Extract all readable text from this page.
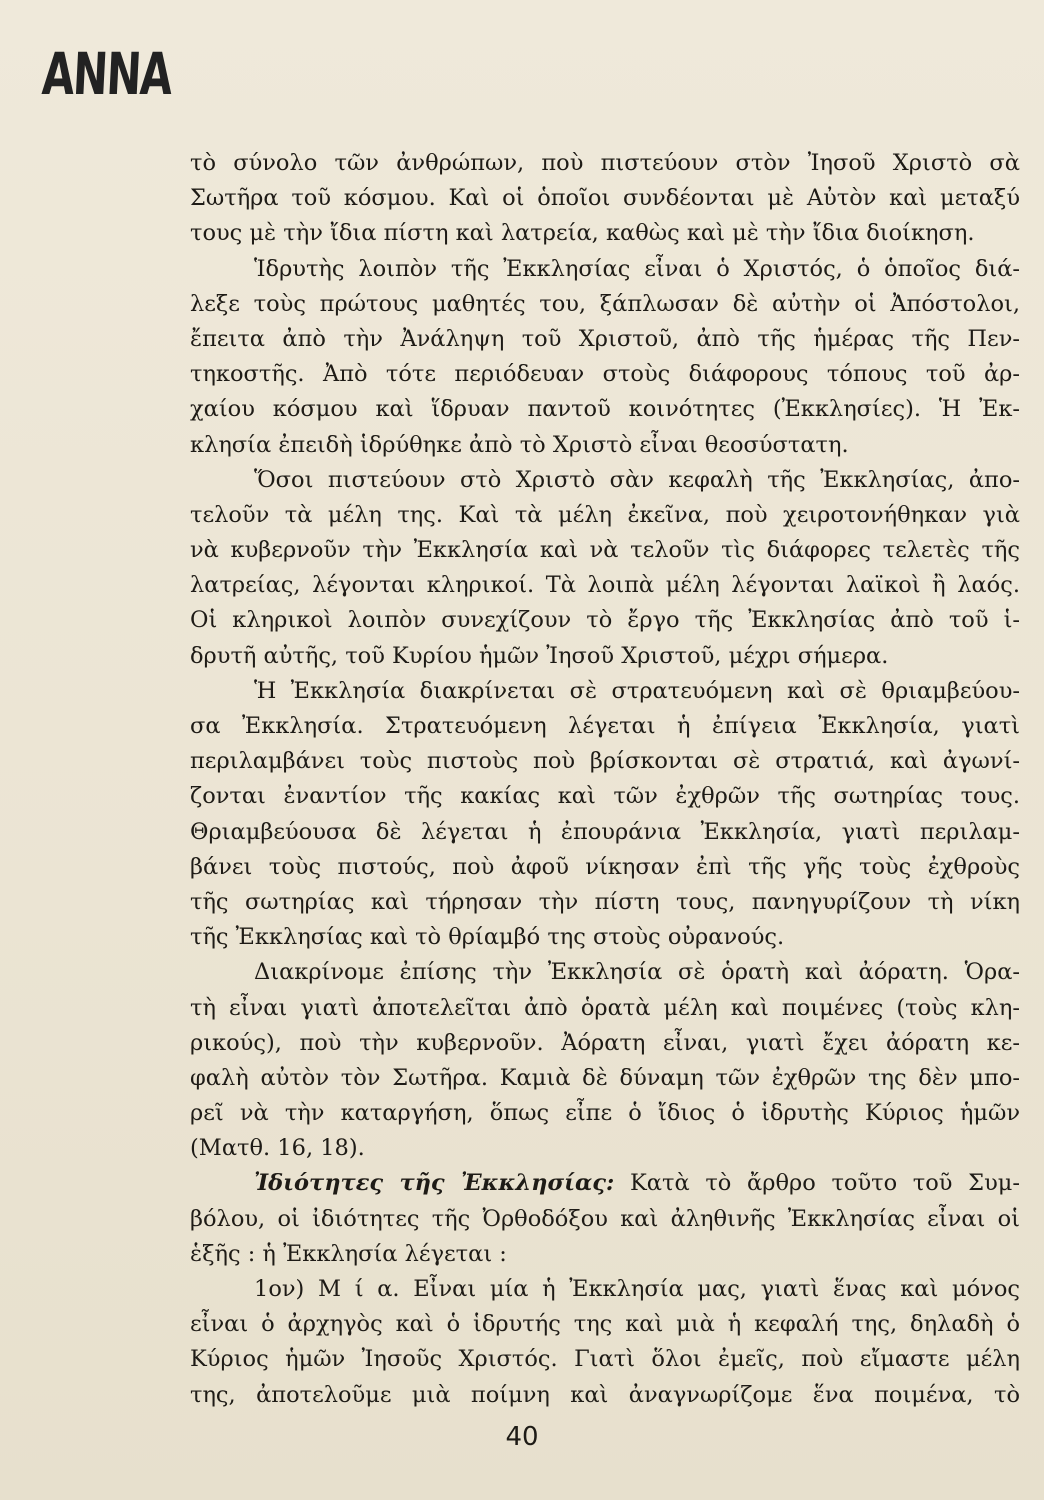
ΑΝΝΑ
τὸ σύνολο τῶν ἀνθρώπων, ποὺ πιστεύουν στὸν Ἰησοῦ Χριστὸ σὰ
Σωτῆρα τοῦ κόσμου. Καὶ οἱ ὁποῖοι συνδέονται μὲ Αὐτὸν καὶ μεταξύ
τους μὲ τὴν ἴδια πίστη καὶ λατρεία, καθὼς καὶ μὲ τὴν ἴδια διοίκηση.
Ἱδρυτὴς λοιπὸν τῆς Ἐκκλησίας εἶναι ὁ Χριστός, ὁ ὁποῖος διά-
λεξε τοὺς πρώτους μαθητές του, ξάπλωσαν δὲ αὐτὴν οἱ Ἀπόστολοι,
ἔπειτα ἀπὸ τὴν Ἀνάληψη τοῦ Χριστοῦ, ἀπὸ τῆς ἡμέρας τῆς Πεν-
τηκοστῆς. Ἀπὸ τότε περιόδευαν στοὺς διάφορους τόπους τοῦ ἀρ-
χαίου κόσμου καὶ ἵδρυαν παντοῦ κοινότητες (Ἐκκλησίες). Ἡ Ἐκ-
κλησία ἐπειδὴ ἱδρύθηκε ἀπὸ τὸ Χριστὸ εἶναι θεοσύστατη.
Ὅσοι πιστεύουν στὸ Χριστὸ σὰν κεφαλὴ τῆς Ἐκκλησίας, ἀπο-
τελοῦν τὰ μέλη της. Καὶ τὰ μέλη ἐκεῖνα, ποὺ χειροτονήθηκαν γιὰ
νὰ κυβερνοῦν τὴν Ἐκκλησία καὶ νὰ τελοῦν τὶς διάφορες τελετὲς τῆς
λατρείας, λέγονται κληρικοί. Τὰ λοιπὰ μέλη λέγονται λαϊκοὶ ἢ λαός.
Οἱ κληρικοὶ λοιπὸν συνεχίζουν τὸ ἔργο τῆς Ἐκκλησίας ἀπὸ τοῦ ἱ-
δρυτῆ αὐτῆς, τοῦ Κυρίου ἡμῶν Ἰησοῦ Χριστοῦ, μέχρι σήμερα.
Ἡ Ἐκκλησία διακρίνεται σὲ στρατευόμενη καὶ σὲ θριαμβεύου-
σα Ἐκκλησία. Στρατευόμενη λέγεται ἡ ἐπίγεια Ἐκκλησία, γιατὶ
περιλαμβάνει τοὺς πιστοὺς ποὺ βρίσκονται σὲ στρατιά, καὶ ἀγωνί-
ζονται ἐναντίον τῆς κακίας καὶ τῶν ἐχθρῶν τῆς σωτηρίας τους.
Θριαμβεύουσα δὲ λέγεται ἡ ἐπουράνια Ἐκκλησία, γιατὶ περιλαμ-
βάνει τοὺς πιστούς, ποὺ ἀφοῦ νίκησαν ἐπὶ τῆς γῆς τοὺς ἐχθροὺς
τῆς σωτηρίας καὶ τήρησαν τὴν πίστη τους, πανηγυρίζουν τὴ νίκη
τῆς Ἐκκλησίας καὶ τὸ θρίαμβό της στοὺς οὐρανούς.
Διακρίνομε ἐπίσης τὴν Ἐκκλησία σὲ ὁρατὴ καὶ ἀόρατη. Ὁρα-
τὴ εἶναι γιατὶ ἀποτελεῖται ἀπὸ ὁρατὰ μέλη καὶ ποιμένες (τοὺς κλη-
ρικούς), ποὺ τὴν κυβερνοῦν. Ἀόρατη εἶναι, γιατὶ ἔχει ἀόρατη κε-
φαλὴ αὐτὸν τὸν Σωτῆρα. Καμιὰ δὲ δύναμη τῶν ἐχθρῶν της δὲν μπο-
ρεῖ νὰ τὴν καταργήση, ὅπως εἶπε ὁ ἴδιος ὁ ἱδρυτὴς Κύριος ἡμῶν
(Ματθ. 16, 18).
Ἰδιότητες τῆς Ἐκκλησίας: Κατὰ τὸ ἄρθρο τοῦτο τοῦ Συμ-
βόλου, οἱ ἰδιότητες τῆς Ὀρθοδόξου καὶ ἀληθινῆς Ἐκκλησίας εἶναι οἱ
ἑξῆς : ἡ Ἐκκλησία λέγεται :
1ον) Μ ί α. Εἶναι μία ἡ Ἐκκλησία μας, γιατὶ ἕνας καὶ μόνος
εἶναι ὁ ἀρχηγὸς καὶ ὁ ἱδρυτής της καὶ μιὰ ἡ κεφαλή της, δηλαδὴ ὁ
Κύριος ἡμῶν Ἰησοῦς Χριστός. Γιατὶ ὅλοι ἐμεῖς, ποὺ εἴμαστε μέλη
της, ἀποτελοῦμε μιὰ ποίμνη καὶ ἀναγνωρίζομε ἕνα ποιμένα, τὸ
40
